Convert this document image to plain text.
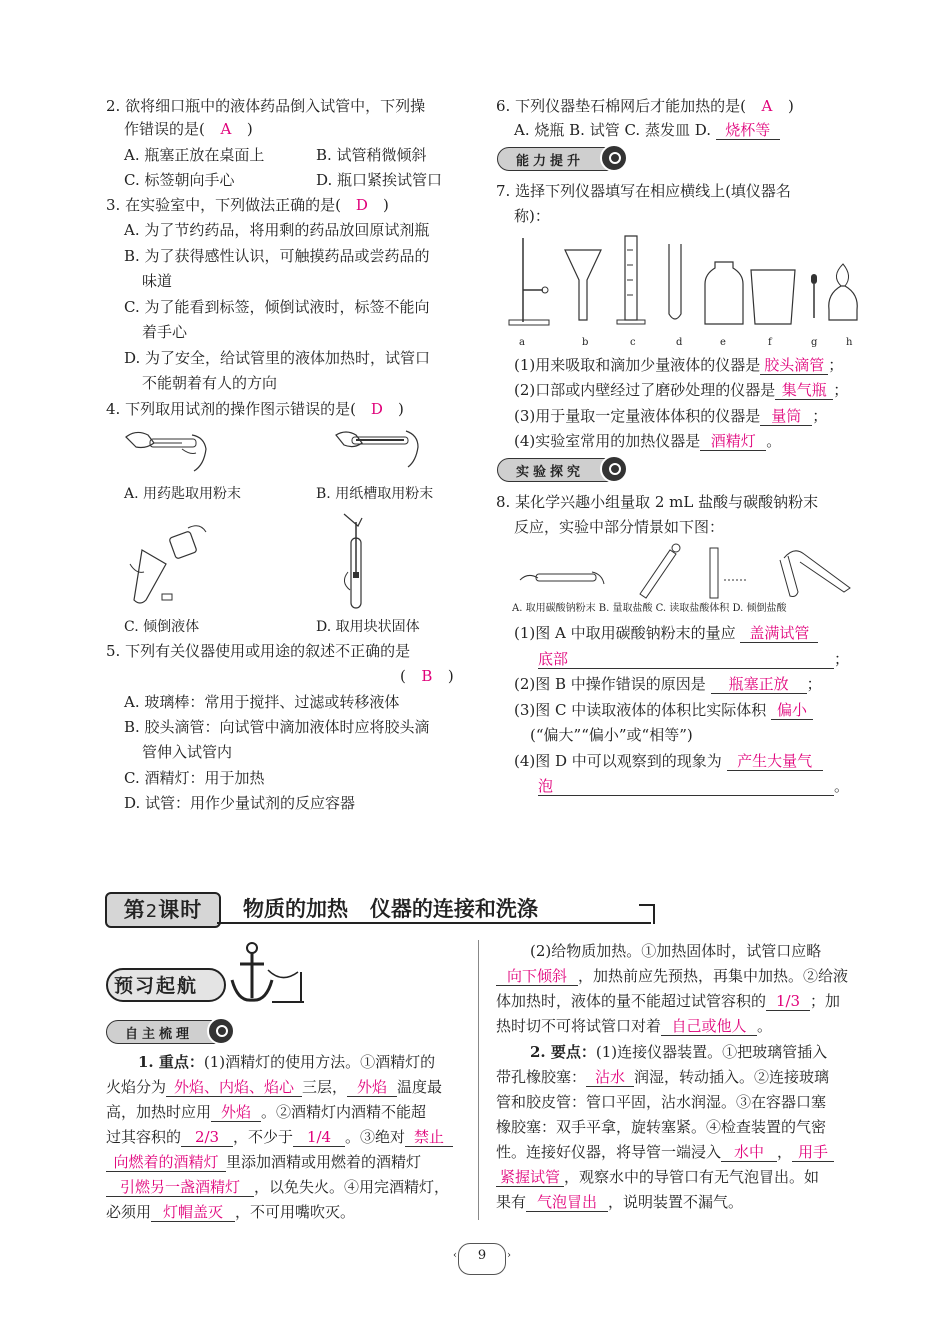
2. 欲将细口瓶中的液体药品倒入试管中，下列操
作错误的是( A )
A. 瓶塞正放在桌面上	B. 试管稍微倾斜
C. 标签朝向手心	D. 瓶口紧挨试管口
3. 在实验室中，下列做法正确的是( D )
A. 为了节约药品，将用剩的药品放回原试剂瓶
B. 为了获得感性认识，可触摸药品或尝药品的
味道
C. 为了能看到标签，倾倒试液时，标签不能向
着手心
D. 为了安全，给试管里的液体加热时，试管口
不能朝着有人的方向
4. 下列取用试剂的操作图示错误的是( D )
A. 用药匙取用粉末	B. 用纸槽取用粉末
C. 倾倒液体	D. 取用块状固体
5. 下列有关仪器使用或用途的叙述不正确的是
( B )
A. 玻璃棒：常用于搅拌、过滤或转移液体
B. 胶头滴管：向试管中滴加液体时应将胶头滴
管伸入试管内
C. 酒精灯：用于加热
D. 试管：用作少量试剂的反应容器
6. 下列仪器垫石棉网后才能加热的是( A )
A. 烧瓶 B. 试管 C. 蒸发皿 D. 烧杯等
能力提升
7. 选择下列仪器填写在相应横线上(填仪器名
称)：
a	b	c	d	e	f	g	h
(1)用来吸取和滴加少量液体的仪器是 胶头滴管 ；
(2)口部或内壁经过了磨砂处理的仪器是 集气瓶 ；
(3)用于量取一定量液体体积的仪器是 量筒 ；
(4)实验室常用的加热仪器是 酒精灯 。
实验探究
8. 某化学兴趣小组量取 2 mL 盐酸与碳酸钠粉末
反应，实验中部分情景如下图：
A. 取用碳酸钠粉末 B. 量取盐酸 C. 读取盐酸体积 D. 倾倒盐酸
(1)图 A 中取用碳酸钠粉末的量应 盖满试管
底部	；
(2)图 B 中操作错误的原因是 瓶塞正放 ；
(3)图 C 中读取液体的体积比实际体积 偏小
(“偏大”“偏小”或“相等”)
(4)图 D 中可以观察到的现象为 产生大量气
泡	。
第2课时	物质的加热   仪器的连接和洗涤
预习起航
自主梳理
1. 重点：(1)酒精灯的使用方法。①酒精灯的
火焰分为 外焰、内焰、焰心 三层， 外焰 温度最
高，加热时应用 外焰 。②酒精灯内酒精不能超
过其容积的 2/3 ，不少于 1/4 。③绝对 禁止
向燃着的酒精灯 里添加酒精或用燃着的酒精灯
引燃另一盏酒精灯 ，以免失火。④用完酒精灯，
必须用 灯帽盖灭 ，不可用嘴吹灭。
(2)给物质加热。①加热固体时，试管口应略
向下倾斜 ，加热前应先预热，再集中加热。②给液
体加热时，液体的量不能超过试管容积的 1/3 ；加
热时切不可将试管口对着 自己或他人 。
2. 要点：(1)连接仪器装置。①把玻璃管插入
带孔橡胶塞： 沾水 润湿，转动插入。②连接玻璃
管和胶皮管：管口平固，沾水润湿。③在容器口塞
橡胶塞：双手平拿，旋转塞紧。④检查装置的气密
性。连接好仪器，将导管一端浸入 水中 ， 用手
紧握试管 ，观察水中的导管口有无气泡冒出。如
果有 气泡冒出 ，说明装置不漏气。
‹ 9 ›
